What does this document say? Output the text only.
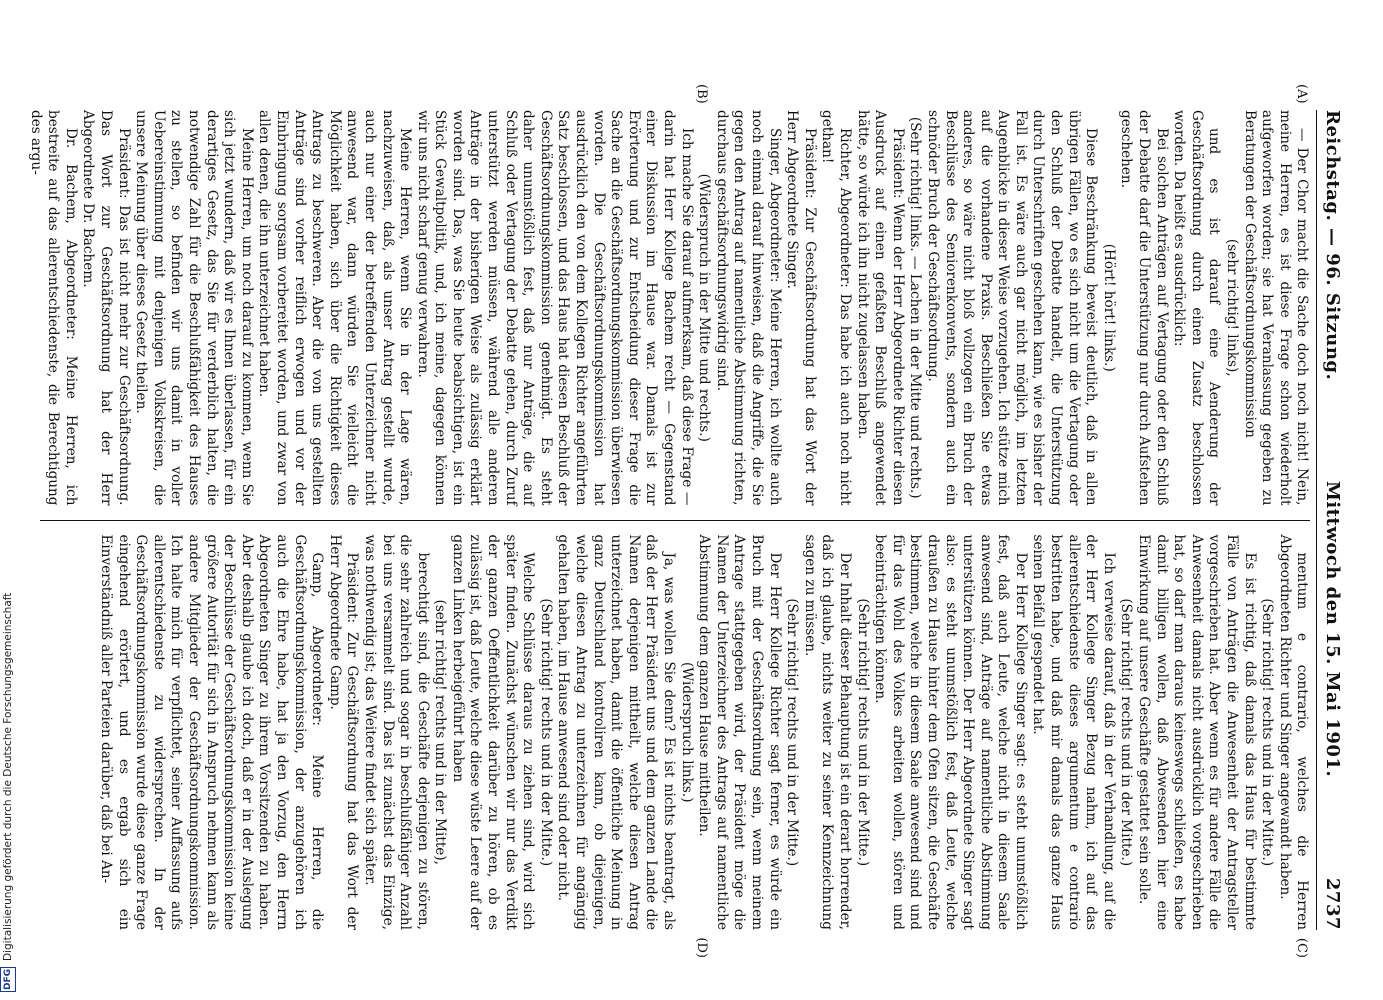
Reichstag. — 96. Sitzung.
Mittwoch den 15. Mai 1901.
2737
(A)
(B)

— Der Chor macht die Sache doch noch nicht! Nein, meine Herren, es ist diese Frage schon wiederholt aufgeworfen worden; sie hat Veranlassung gegeben zu Beratungen der Geschäftsordnungskommission

(sehr richtig! links),

und es ist darauf eine Aenderung der Geschäftsordnung durch einen Zusatz beschlossen worden. Da heißt es ausdrücklich:

Bei solchen Anträgen auf Vertagung oder den Schluß der Debatte darf die Unterstützung nur durch Aufstehen geschehen.

(Hört! hört! links.)

Diese Beschränkung beweist deutlich, daß in allen übrigen Fällen, wo es sich nicht um die Vertagung oder den Schluß der Debatte handelt, die Unterstützung durch Unterschriften geschehen kann, wie es bisher der Fall ist. Es wäre auch gar nicht möglich, im letzten Augenblicke in dieser Weise vorzugehen. Ich stütze mich auf die vorhandene Praxis. Beschließen Sie etwas anderes, so wäre nicht bloß vollzogen ein Bruch der Beschlüsse des Seniorenkonvents, sondern auch ein schnöder Bruch der Geschäftsordnung.

(Sehr richtig! links. — Lachen in der Mitte und rechts.)

Präsident: Wenn der Herr Abgeordnete Richter diesen Ausdruck auf einen gefaßten Beschluß angewendet hätte, so würde ich ihn nicht zugelassen haben.

Richter, Abgeordneter: Das habe ich auch noch nicht gethan!

Präsident: Zur Geschäftsordnung hat das Wort der Herr Abgeordnete Singer.

Singer, Abgeordneter: Meine Herren, ich wollte auch noch einmal darauf hinweisen, daß die Angriffe, die Sie gegen den Antrag auf namentliche Abstimmung richten, durchaus geschäftsordnungswidrig sind.

(Widerspruch in der Mitte und rechts.)

Ich mache Sie darauf aufmerksam, daß diese Frage — darin hat Herr Kollege Bachem recht — Gegenstand einer Diskussion im Hause war. Damals ist zur Erörterung und zur Entscheidung dieser Frage die Sache an die Geschäftsordnungskommission überwiesen worden. Die Geschäftsordnungskommission hat ausdrücklich den von dem Kollegen Richter angeführten Satz beschlossen, und das Haus hat diesen Beschluß der Geschäftsordnungskommission genehmigt. Es steht daher unumstößlich fest, daß nur Anträge, die auf Schluß oder Vertagung der Debatte gehen, durch Zuruf unterstützt werden müssen, während alle anderen Anträge in der bisherigen Weise als zulässig erklärt worden sind. Das, was Sie heute beabsichtigen, ist ein Stück Gewaltpolitik, und, ich meine, dagegen können wir uns nicht scharf genug verwahren.

Meine Herren, wenn Sie in der Lage wären, nachzuweisen, daß, als unser Antrag gestellt wurde, auch nur einer der betreffenden Unterzeichner nicht anwesend war, dann würden Sie vielleicht die Möglichkeit haben, sich über die Richtigkeit dieses Antrags zu beschweren. Aber die von uns gestellten Anträge sind vorher reiflich erwogen und vor der Einbringung sorgsam vorbereitet worden, und zwar von allen denen, die ihn unterzeichnet haben.

Meine Herren, um noch darauf zu kommen, wenn Sie sich jetzt wundern, daß wir es Ihnen überlassen, für ein derartiges Gesetz, das Sie für verderblich halten, die notwendige Zahl für die Beschlußfähigkeit des Hauses zu stellen, so befinden wir uns damit in voller Uebereinstimmung mit denjenigen Volkskreisen, die unsere Meinung über dieses Gesetz theilen.

Präsident: Das ist nicht mehr zur Geschäftsordnung. Das Wort zur Geschäftsordnung hat der Herr Abgeordnete Dr. Bachem.

Dr. Bachem, Abgeordneter: Meine Herren, ich bestreite auf das allerentschiedenste, die Berechtigung des argu-

mentum e contrario, welches die Herren Abgeordneten Richter und Singer angewandt haben.

(Sehr richtig! rechts und in der Mitte.)

Es ist richtig, daß damals das Haus für bestimmte Fälle von Anträgen die Anwesenheit der Antragsteller vorgeschrieben hat. Aber wenn es für andere Fälle die Anwesenheit damals nicht ausdrücklich vorgeschrieben hat, so darf man daraus keineswegs schließen, es habe damit billigen wollen, daß Abwesenden hier eine Einwirkung auf unsere Geschäfte gestattet sein solle.

(Sehr richtig! rechts und in der Mitte.)

Ich verweise darauf, daß in der Verhandlung, auf die der Herr Kollege Singer Bezug nahm, ich auf das allerentschiedenste dieses argumentum e contrario bestritten habe, und daß mir damals das ganze Haus seinen Beifall gespendet hat.

Der Herr Kollege Singer sagt: es steht unumstößlich fest, daß auch Leute, welche nicht in diesem Saale anwesend sind, Anträge auf namentliche Abstimmung unterstützen können. Der Herr Abgeordnete Singer sagt also: es steht unumstößlich fest, daß Leute, welche draußen zu Hause hinter dem Ofen sitzen, die Geschäfte bestimmen, welche in diesem Saale anwesend sind und für das Wohl des Volkes arbeiten wollen, stören und beeinträchtigen können.

(Sehr richtig! rechts und in der Mitte.)

Der Inhalt dieser Behauptung ist ein derart horrender, daß ich glaube, nichts weiter zu seiner Kennzeichnung sagen zu müssen.

(Sehr richtig! rechts und in der Mitte.)

Der Herr Kollege Richter sagt ferner, es würde ein Bruch mit der Geschäftsordnung sein, wenn meinem Antrage stattgegeben wird, der Präsident möge die Namen der Unterzeichner des Antrags auf namentliche Abstimmung dem ganzen Hause mittheilen.

(Widerspruch links.)

Ja, was wollen Sie denn? Es ist nichts beantragt, als daß der Herr Präsident uns und dem ganzen Lande die Namen derjenigen mittheilt, welche diesen Antrag unterzeichnet haben, damit die öffentliche Meinung in ganz Deutschland kontroliren kann, ob diejenigen, welche diesen Antrag zu unterzeichnen für angängig gehalten haben, im Hause anwesend sind oder nicht.

(Sehr richtig! rechts und in der Mitte.)

Welche Schlüsse daraus zu ziehen sind, wird sich später finden. Zunächst wünschen wir nur das Verdikt der ganzen Oeffentlichkeit darüber zu hören, ob es zulässig ist, daß Leute, welche diese wüste Leere auf der ganzen Linken herbeigeführt haben

(sehr richtig! rechts und in der Mitte),

berechtigt sind, die Geschäfte derjenigen zu stören, die sehr zahlreich und sogar in beschlußfähiger Anzahl bei uns versammelt sind. Das ist zunächst das Einzige, was nothwendig ist; das Weitere findet sich später.

Präsident: Zur Geschäftsordnung hat das Wort der Herr Abgeordnete Gamp.

Gamp, Abgeordneter: Meine Herren, die Geschäftsordnungskommission, der anzugehören ich auch die Ehre habe, hat ja den Vorzug, den Herrn Abgeordneten Singer zu ihrem Vorsitzenden zu haben. Aber deshalb glaube ich doch, daß er in der Auslegung der Beschlüsse der Geschäftsordnungskommission keine größere Autorität für sich in Anspruch nehmen kann als andere Mitglieder der Geschäftsordnungskommission. Ich halte mich für verpflichtet, seiner Auffassung aufs allerentschiedenste zu widersprechen. In der Geschäftsordnungskommission wurde diese ganze Frage eingehend erörtert, und es ergab sich ein Einverständniß aller Parteien darüber, daß bei An-

(C)
(D)
DFG
Digitalisierung gefördert durch die Deutsche Forschungsgemeinschaft
